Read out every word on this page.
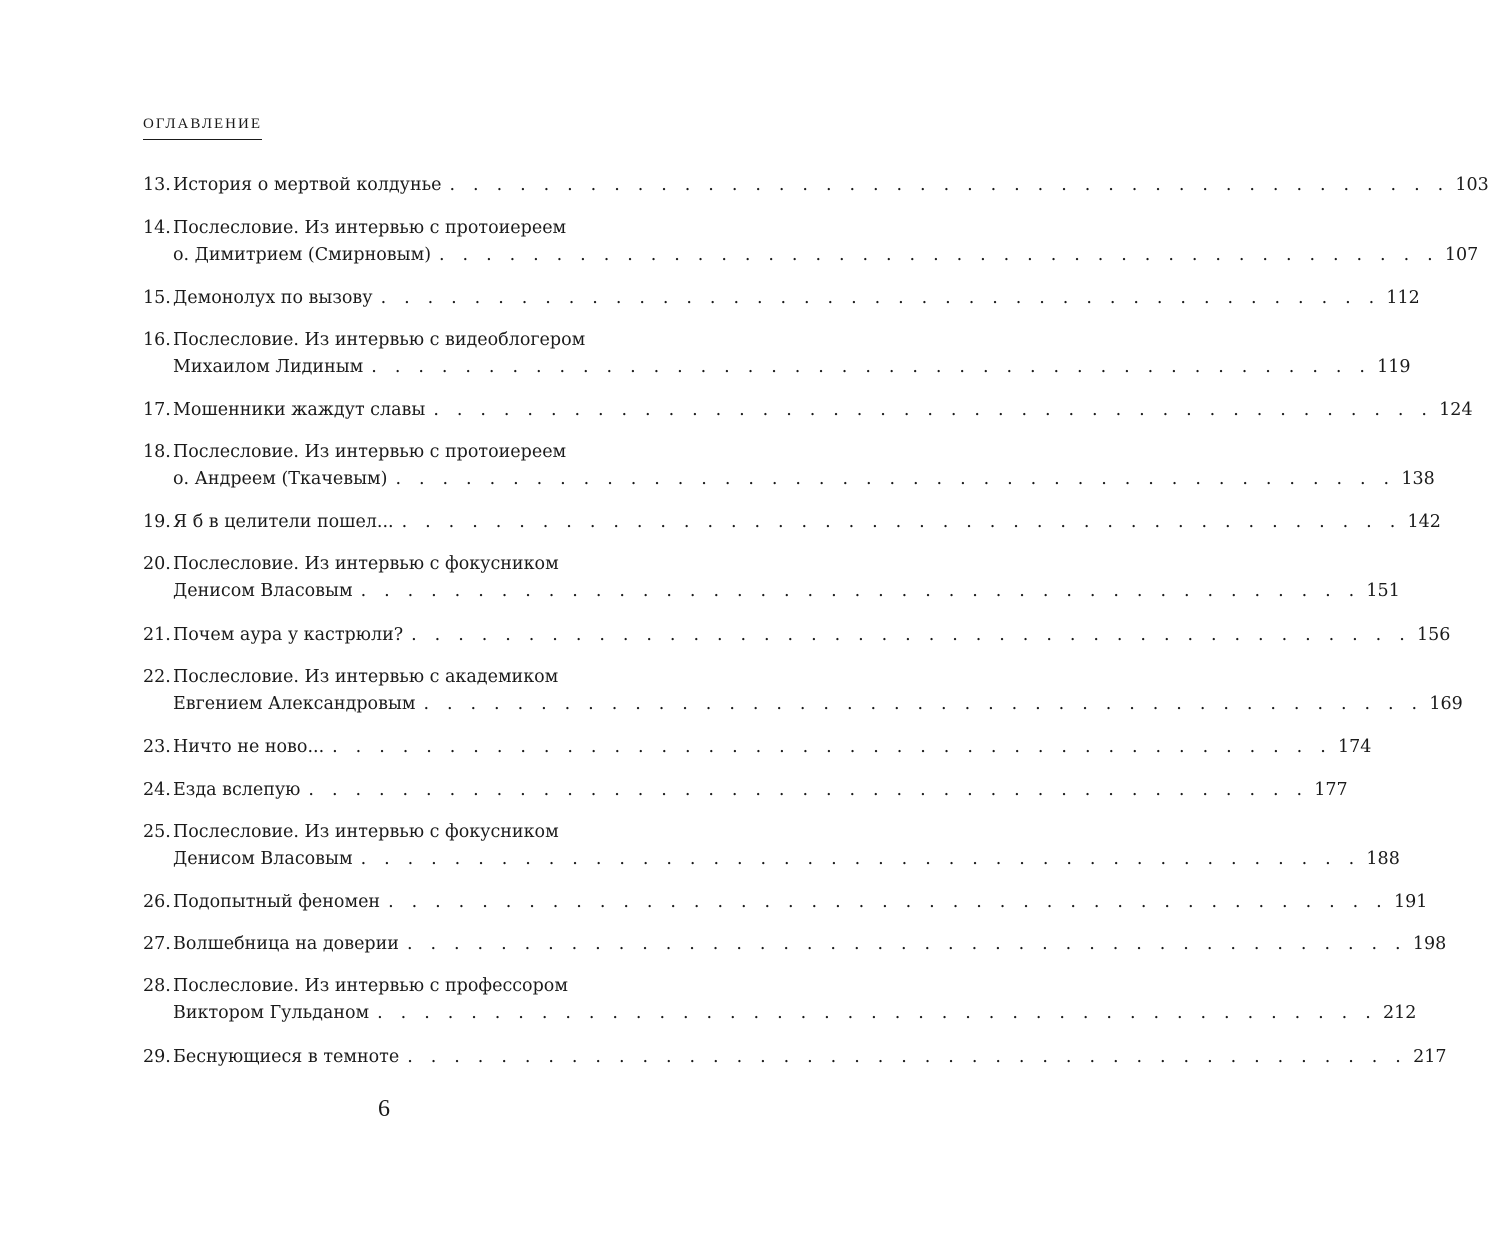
оглавление
13. История о мертвой колдунье . . . . . . . . . . . . . . . . . . . . . . . . . . . . . . . . . . . . . . . . . . . 103
14. Послесловие. Из интервью с протоиереем
о. Димитрием (Смирновым) . . . . . . . . . . . . . . . . . . . . . . . . . . . . . . . . . . . . . . . . . . . 107
15. Демонолух по вызову . . . . . . . . . . . . . . . . . . . . . . . . . . . . . . . . . . . . . . . . . . . 112
16. Послесловие. Из интервью с видеоблогером
Михаилом Лидиным . . . . . . . . . . . . . . . . . . . . . . . . . . . . . . . . . . . . . . . . . . . 119
17. Мошенники жаждут славы . . . . . . . . . . . . . . . . . . . . . . . . . . . . . . . . . . . . . . . . . . . 124
18. Послесловие. Из интервью с протоиереем
о. Андреем (Ткачевым) . . . . . . . . . . . . . . . . . . . . . . . . . . . . . . . . . . . . . . . . . . . 138
19. Я б в целители пошел... . . . . . . . . . . . . . . . . . . . . . . . . . . . . . . . . . . . . . . . . . . . 142
20. Послесловие. Из интервью с фокусником
Денисом Власовым . . . . . . . . . . . . . . . . . . . . . . . . . . . . . . . . . . . . . . . . . . . 151
21. Почем аура у кастрюли? . . . . . . . . . . . . . . . . . . . . . . . . . . . . . . . . . . . . . . . . . . . 156
22. Послесловие. Из интервью с академиком
Евгением Александровым . . . . . . . . . . . . . . . . . . . . . . . . . . . . . . . . . . . . . . . . . . . 169
23. Ничто не ново... . . . . . . . . . . . . . . . . . . . . . . . . . . . . . . . . . . . . . . . . . . . 174
24. Езда вслепую . . . . . . . . . . . . . . . . . . . . . . . . . . . . . . . . . . . . . . . . . . . 177
25. Послесловие. Из интервью с фокусником
Денисом Власовым . . . . . . . . . . . . . . . . . . . . . . . . . . . . . . . . . . . . . . . . . . . 188
26. Подопытный феномен . . . . . . . . . . . . . . . . . . . . . . . . . . . . . . . . . . . . . . . . . . . 191
27. Волшебница на доверии . . . . . . . . . . . . . . . . . . . . . . . . . . . . . . . . . . . . . . . . . . . 198
28. Послесловие. Из интервью с профессором
Виктором Гульданом . . . . . . . . . . . . . . . . . . . . . . . . . . . . . . . . . . . . . . . . . . . 212
29. Беснующиеся в темноте . . . . . . . . . . . . . . . . . . . . . . . . . . . . . . . . . . . . . . . . . . . 217
6
